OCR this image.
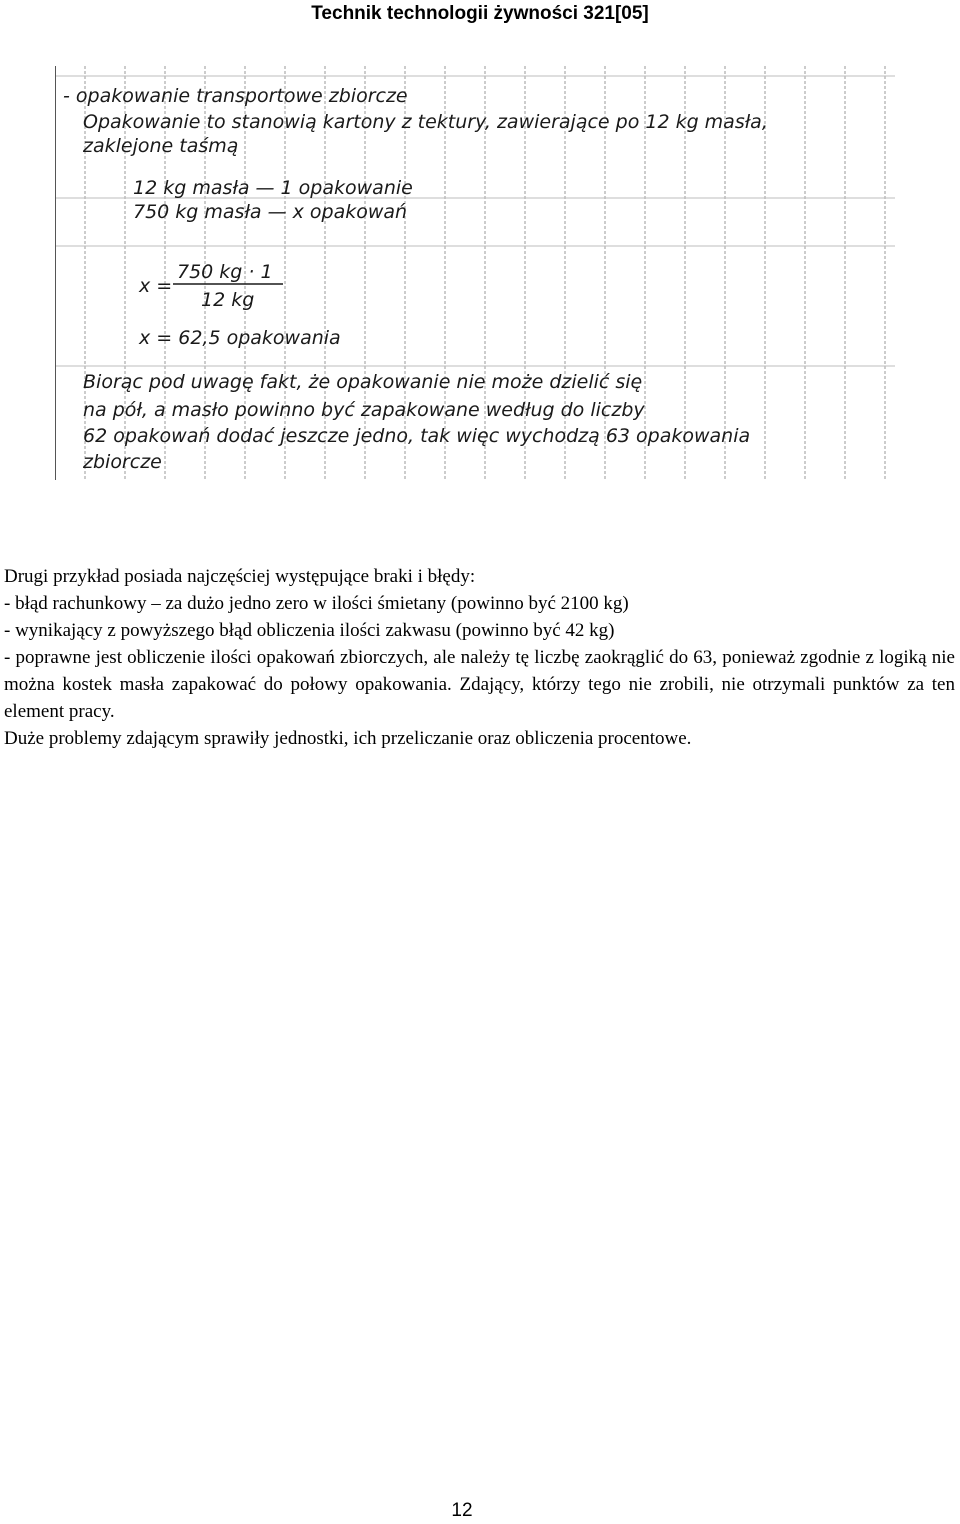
Technik technologii żywności 321[05]
- opakowanie transportowe zbiorcze
Opakowanie to stanowią kartony z tektury, zawierające po 12 kg masła,
zaklejone taśmą
12 kg masła — 1 opakowanie
750 kg masła — x opakowań
x =
750 kg · 1
12 kg
x = 62,5 opakowania
Biorąc pod uwagę fakt, że opakowanie nie może dzielić się
na pół, a masło powinno być zapakowane według do liczby
62 opakowań dodać jeszcze jedno, tak więc wychodzą 63 opakowania
zbiorcze
Drugi przykład posiada najczęściej występujące braki i błędy:
- błąd rachunkowy – za dużo jedno zero w ilości śmietany (powinno być 2100 kg)
- wynikający z powyższego błąd obliczenia ilości zakwasu (powinno być 42 kg)

- poprawne jest obliczenie ilości opakowań zbiorczych, ale należy tę liczbę zaokrąglić do 63, ponieważ zgodnie z logiką nie można kostek masła zapakować do połowy opakowania. Zdający, którzy tego nie zrobili, nie otrzymali punktów za ten element pracy.

Duże problemy zdającym sprawiły jednostki, ich przeliczanie oraz obliczenia procentowe.
12
